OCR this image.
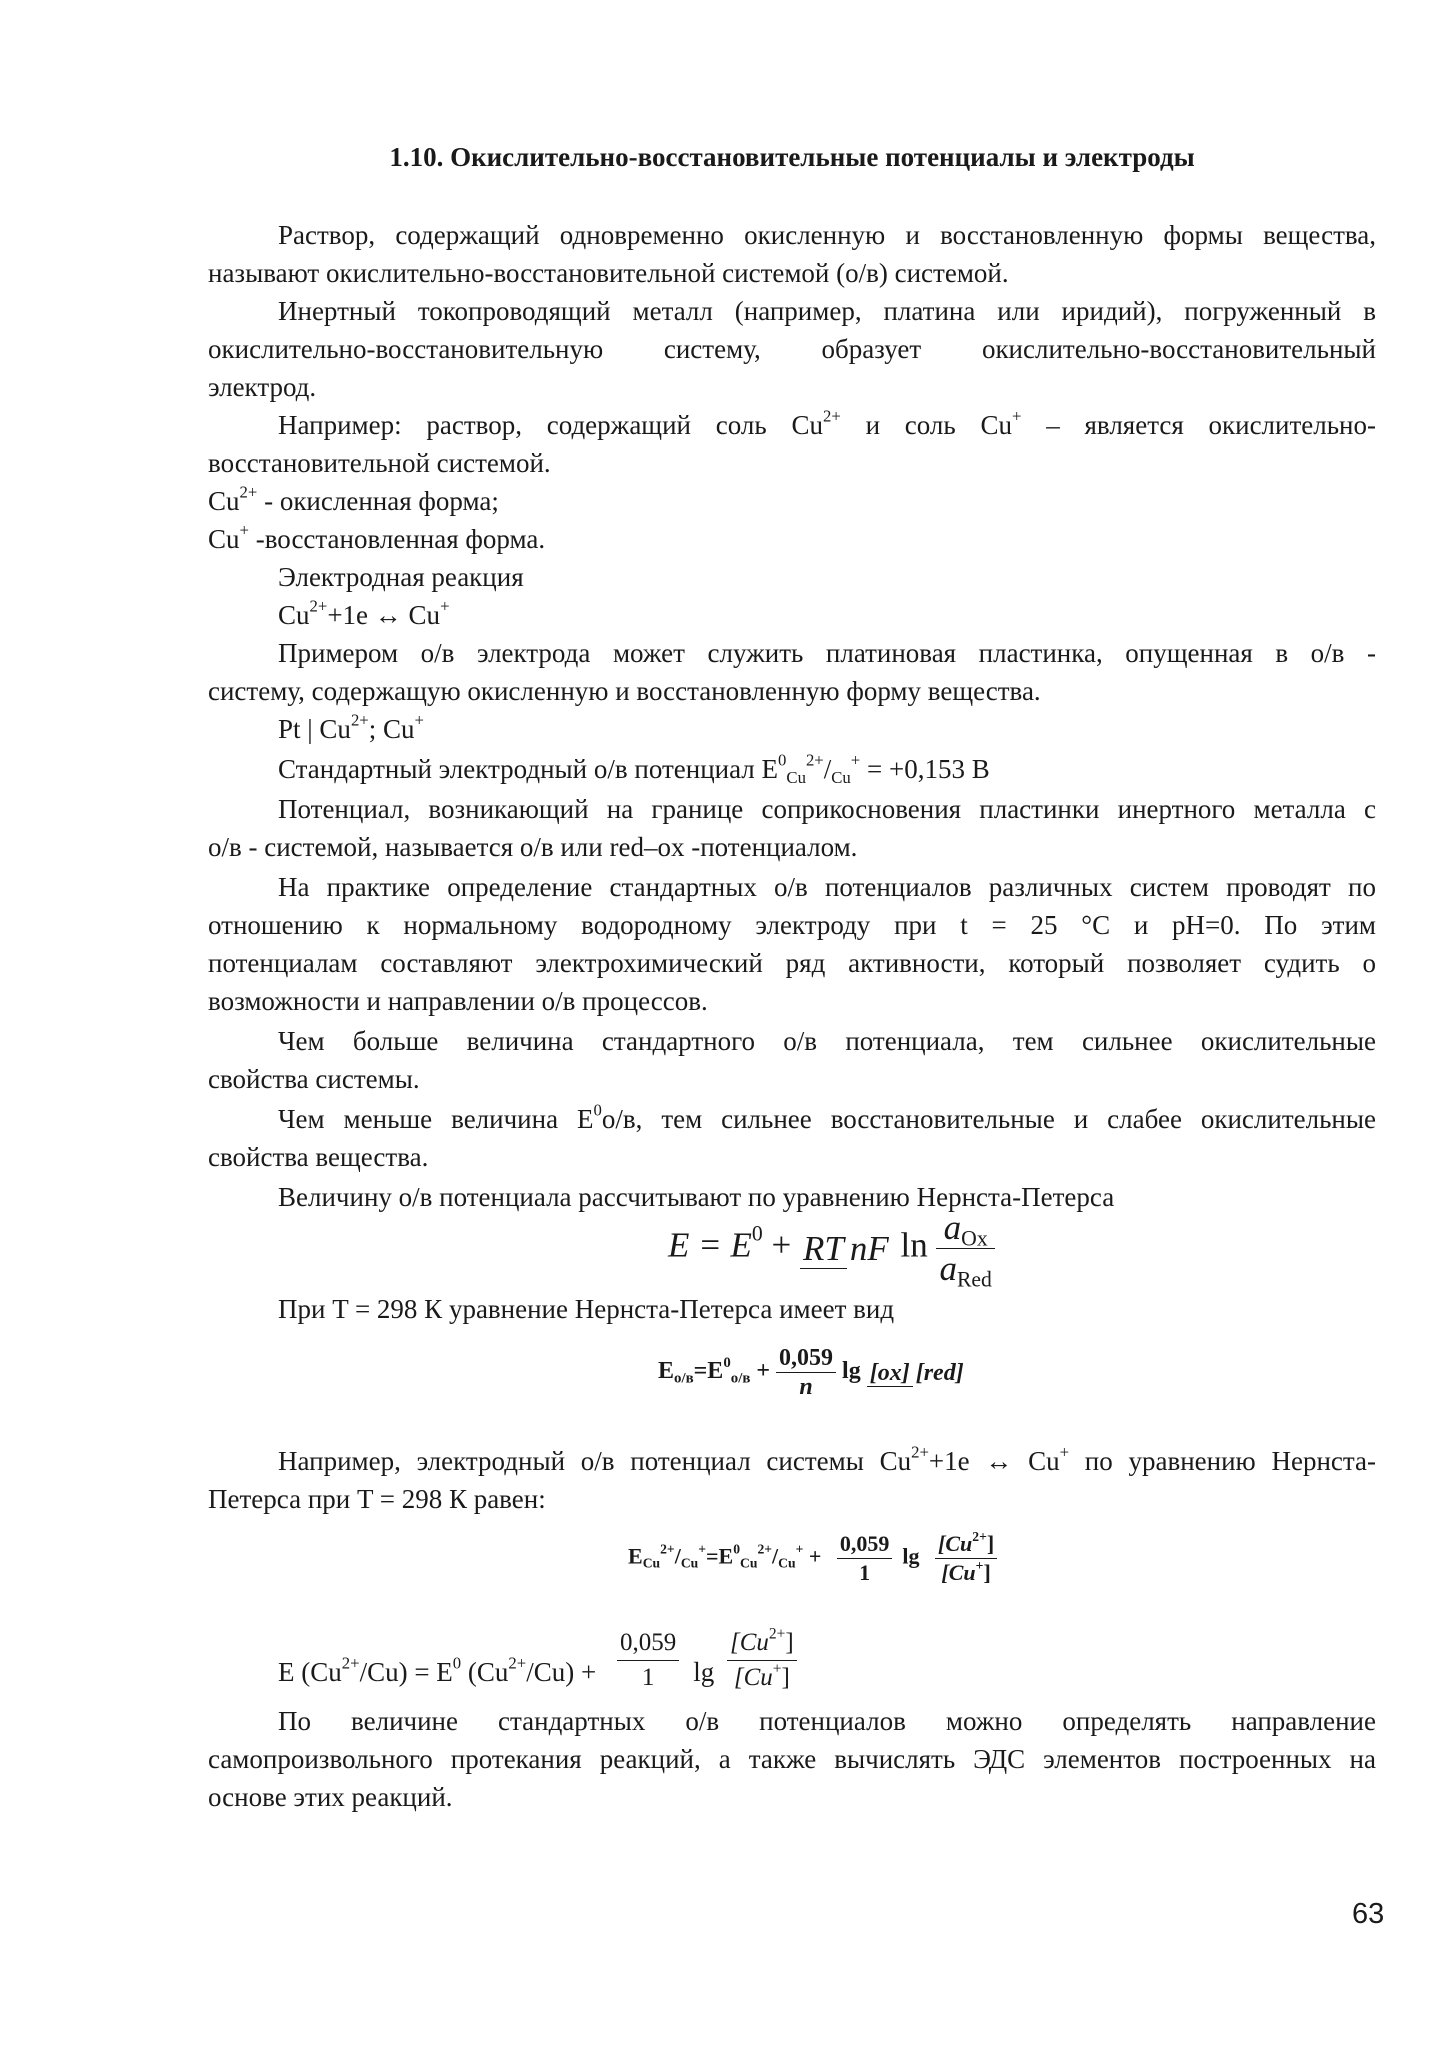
1.10. Окислительно-восстановительные потенциалы и электроды
Раствор, содержащий одновременно окисленную и восстановленную формы вещества,
называют окислительно-восстановительной системой (о/в) системой.
Инертный токопроводящий металл (например, платина или иридий), погруженный в
окислительно-восстановительную систему, образует окислительно-восстановительный
электрод.
Например: раствор, содержащий соль $Cu^{2+}$ и соль Cu+ – является окислительно-
восстановительной системой.
$Cu^{2+}$ - окисленная форма;
Cu+ -восстановленная форма.
Электродная реакция
$Cu^{2+}+1e$ ↔ Cu+
Примером о/в электрода может служить платиновая пластинка, опущенная в о/в -
систему, содержащую окисленную и восстановленную форму вещества.
Pt | $Cu^{2+}$; Cu+
Стандартный электродный о/в потенциал $E^0_{Cu}^{2+}/_{Cu}^+ = +0,153$ В
Потенциал, возникающий на границе соприкосновения пластинки инертного металла с
о/в - системой, называется о/в или red–ox -потенциалом.
На практике определение стандартных о/в потенциалов различных систем проводят по
отношению к нормальному водородному электроду при t = 25 °C и pH=0. По этим
потенциалам составляют электрохимический ряд активности, который позволяет судить о
возможности и направлении о/в процессов.
Чем больше величина стандартного о/в потенциала, тем сильнее окислительные
свойства системы.
Чем меньше величина $E^0о/в$, тем сильнее восстановительные и слабее окислительные
свойства вещества.
Величину о/в потенциала рассчитывают по уравнению Нернста-Петерса
$E = E^0$ + RT nF $\ln \frac{a_{Ox}}{a_{Red}}$
При T = 298 К уравнение Нернста-Петерса имеет вид
$E_{о/в}=E^0_{о/в} + \frac{0,059}{n}$ lg [ox] [red]
Например, электродный о/в потенциал системы $Cu^{2+}+1e$ ↔ Cu+ по уравнению Нернста-
Петерса при T = 298 К равен:
$E_{Cu}^{2+}/_{Cu}^+=E^0_{Cu}^{2+}/_{Cu}^+ + \frac{0,059}{1}$ $\lg \frac{[Cu^{2+}]}{[Cu^+]}$
E $(Cu^{2+}/Cu) = E^0$ $(Cu^{2+}/Cu) + \frac{0,059}{1}$ $\lg \frac{[Cu^{2+}]}{[Cu^+]}$
По величине стандартных о/в потенциалов можно определять направление
самопроизвольного протекания реакций, а также вычислять ЭДС элементов построенных на
основе этих реакций.
63
